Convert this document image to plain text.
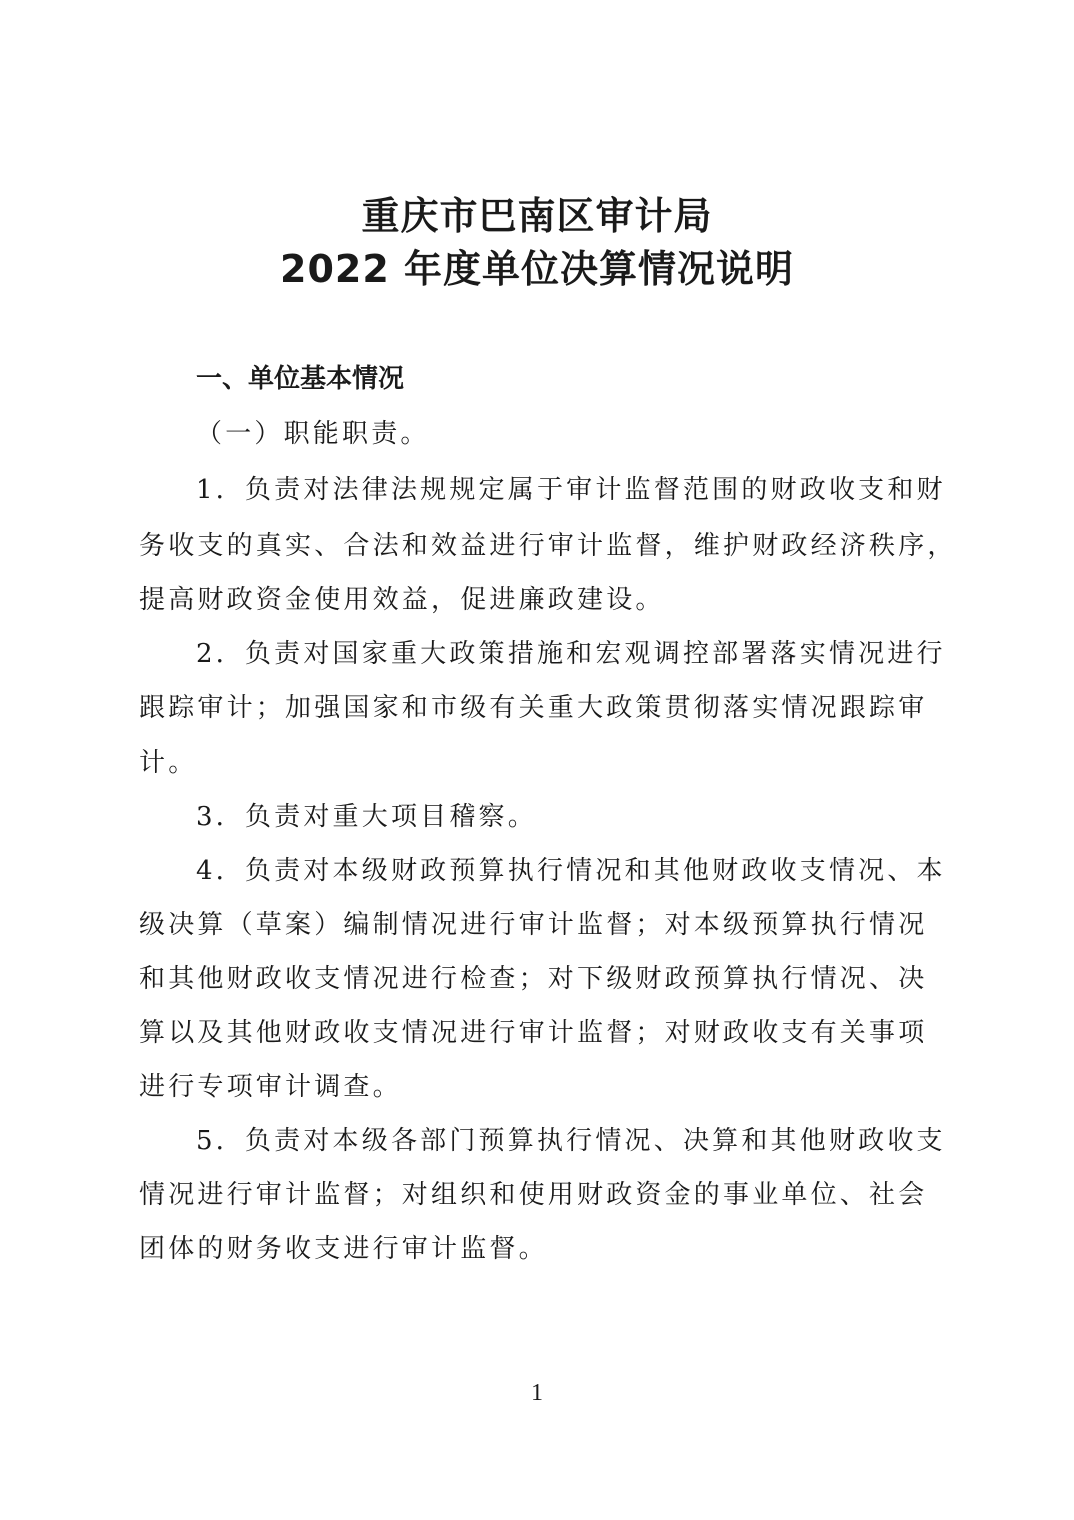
重庆市巴南区审计局
2022 年度单位决算情况说明
一、单位基本情况
（一）职能职责。
1．负责对法律法规规定属于审计监督范围的财政收支和财
务收支的真实、合法和效益进行审计监督，维护财政经济秩序，
提高财政资金使用效益，促进廉政建设。
2．负责对国家重大政策措施和宏观调控部署落实情况进行
跟踪审计；加强国家和市级有关重大政策贯彻落实情况跟踪审
计。
3．负责对重大项目稽察。
4．负责对本级财政预算执行情况和其他财政收支情况、本
级决算（草案）编制情况进行审计监督；对本级预算执行情况
和其他财政收支情况进行检查；对下级财政预算执行情况、决
算以及其他财政收支情况进行审计监督；对财政收支有关事项
进行专项审计调查。
5．负责对本级各部门预算执行情况、决算和其他财政收支
情况进行审计监督；对组织和使用财政资金的事业单位、社会
团体的财务收支进行审计监督。
1
